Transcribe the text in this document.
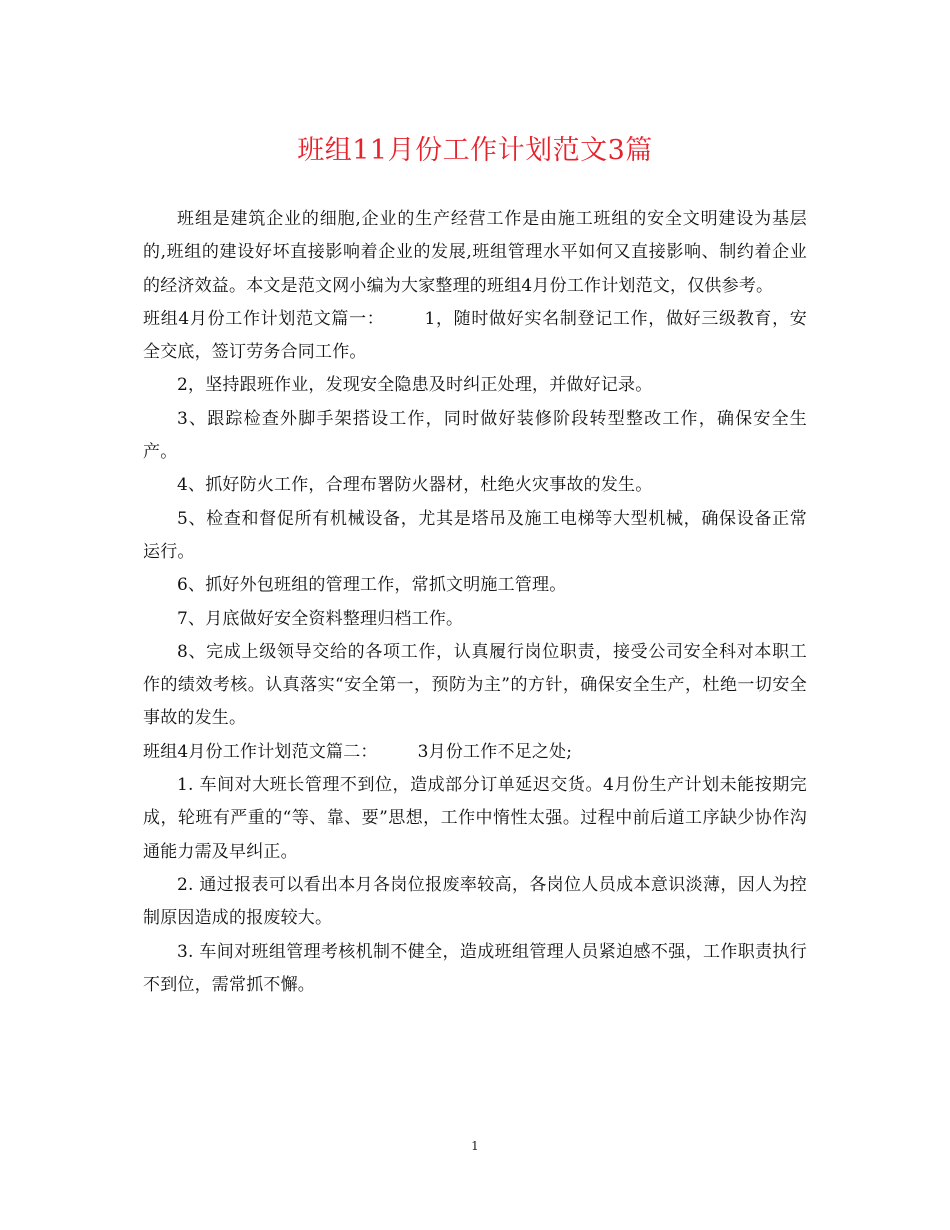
班组11月份工作计划范文3篇

班组是建筑企业的细胞,企业的生产经营工作是由施工班组的安全文明建设为基层的,班组的建设好坏直接影响着企业的发展,班组管理水平如何又直接影响、制约着企业的经济效益。本文是范文网小编为大家整理的班组4月份工作计划范文，仅供参考。

班组4月份工作计划范文篇一： 1，随时做好实名制登记工作，做好三级教育，安全交底，签订劳务合同工作。

2，坚持跟班作业，发现安全隐患及时纠正处理，并做好记录。

3、跟踪检查外脚手架搭设工作，同时做好装修阶段转型整改工作，确保安全生产。

4、抓好防火工作，合理布署防火器材，杜绝火灾事故的发生。

5、检查和督促所有机械设备，尤其是塔吊及施工电梯等大型机械，确保设备正常运行。

6、抓好外包班组的管理工作，常抓文明施工管理。

7、月底做好安全资料整理归档工作。

8、完成上级领导交给的各项工作，认真履行岗位职责，接受公司安全科对本职工作的绩效考核。认真落实“安全第一，预防为主”的方针，确保安全生产，杜绝一切安全事故的发生。

班组4月份工作计划范文篇二： 3月份工作不足之处;

1. 车间对大班长管理不到位，造成部分订单延迟交货。4月份生产计划未能按期完成，轮班有严重的“等、靠、要”思想，工作中惰性太强。过程中前后道工序缺少协作沟通能力需及早纠正。

2. 通过报表可以看出本月各岗位报废率较高，各岗位人员成本意识淡薄，因人为控制原因造成的报废较大。

3. 车间对班组管理考核机制不健全，造成班组管理人员紧迫感不强，工作职责执行不到位，需常抓不懈。

1
